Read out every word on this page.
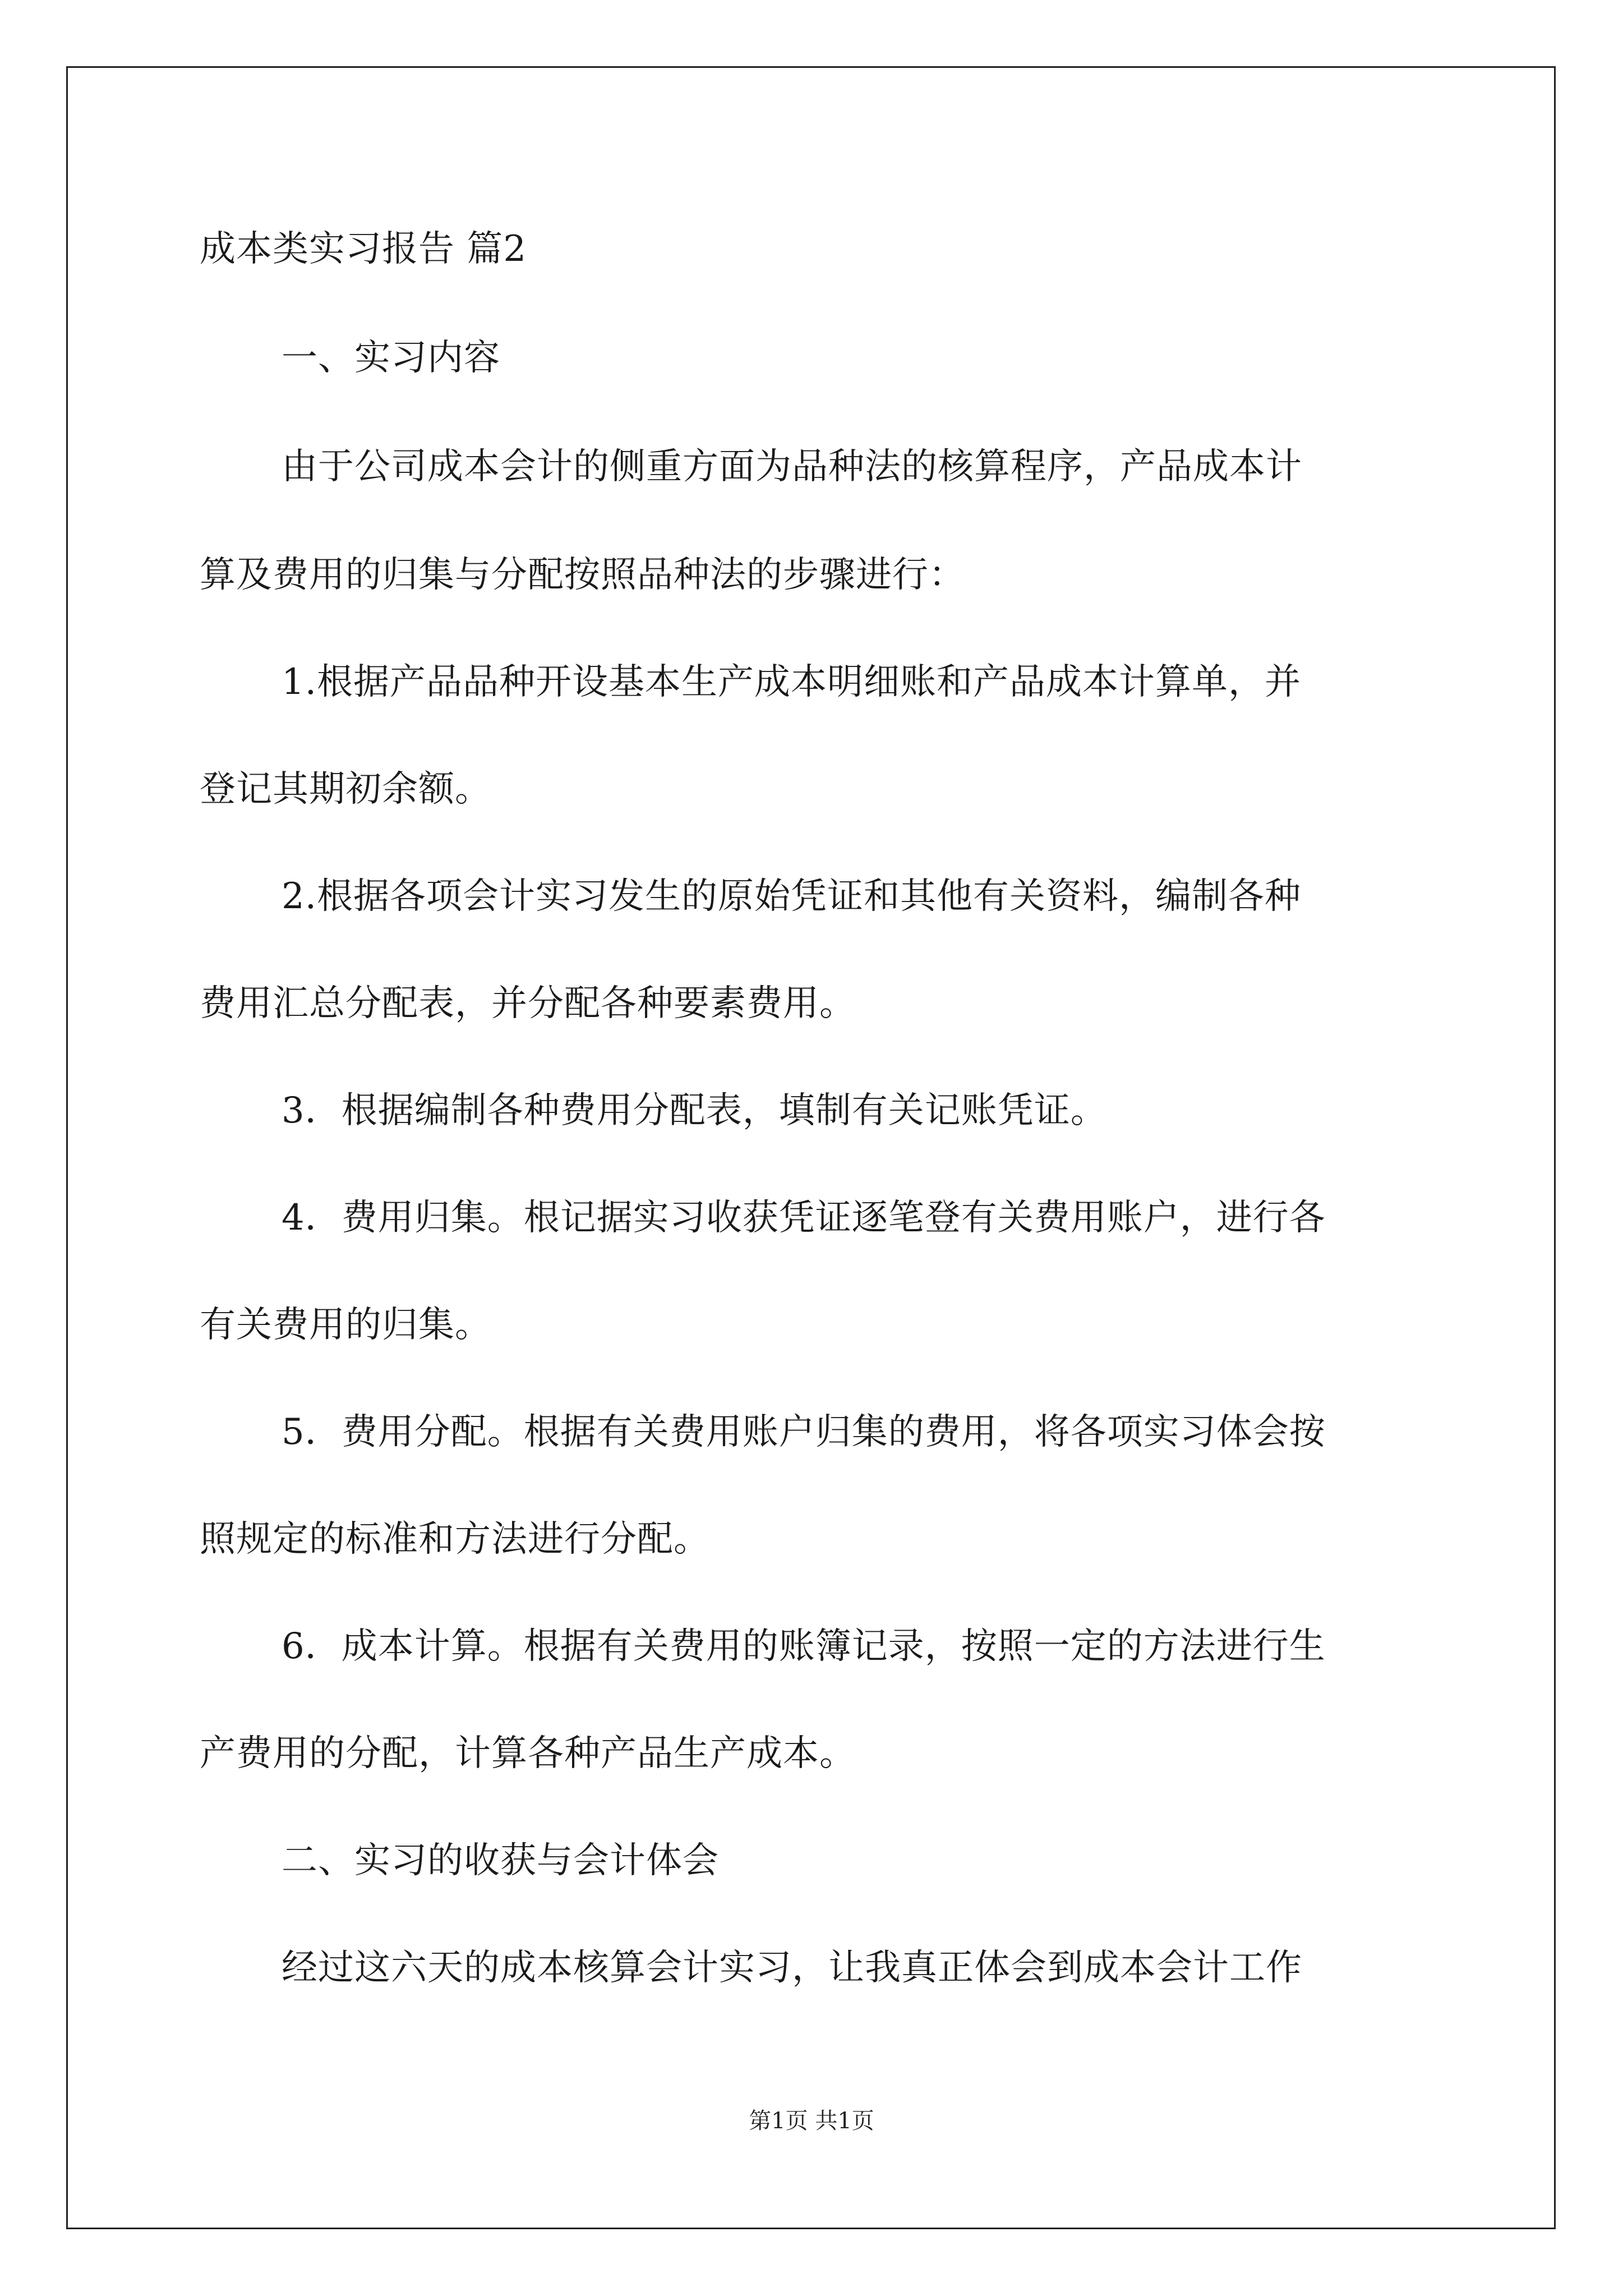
成本类实习报告 篇2
一、实习内容
由于公司成本会计的侧重方面为品种法的核算程序，产品成本计
算及费用的归集与分配按照品种法的步骤进行：
1.根据产品品种开设基本生产成本明细账和产品成本计算单，并
登记其期初余额。
2.根据各项会计实习发生的原始凭证和其他有关资料，编制各种
费用汇总分配表，并分配各种要素费用。
3．根据编制各种费用分配表，填制有关记账凭证。
4．费用归集。根记据实习收获凭证逐笔登有关费用账户，进行各
有关费用的归集。
5．费用分配。根据有关费用账户归集的费用，将各项实习体会按
照规定的标准和方法进行分配。
6．成本计算。根据有关费用的账簿记录，按照一定的方法进行生
产费用的分配，计算各种产品生产成本。
二、实习的收获与会计体会
经过这六天的成本核算会计实习，让我真正体会到成本会计工作
第1页 共1页
